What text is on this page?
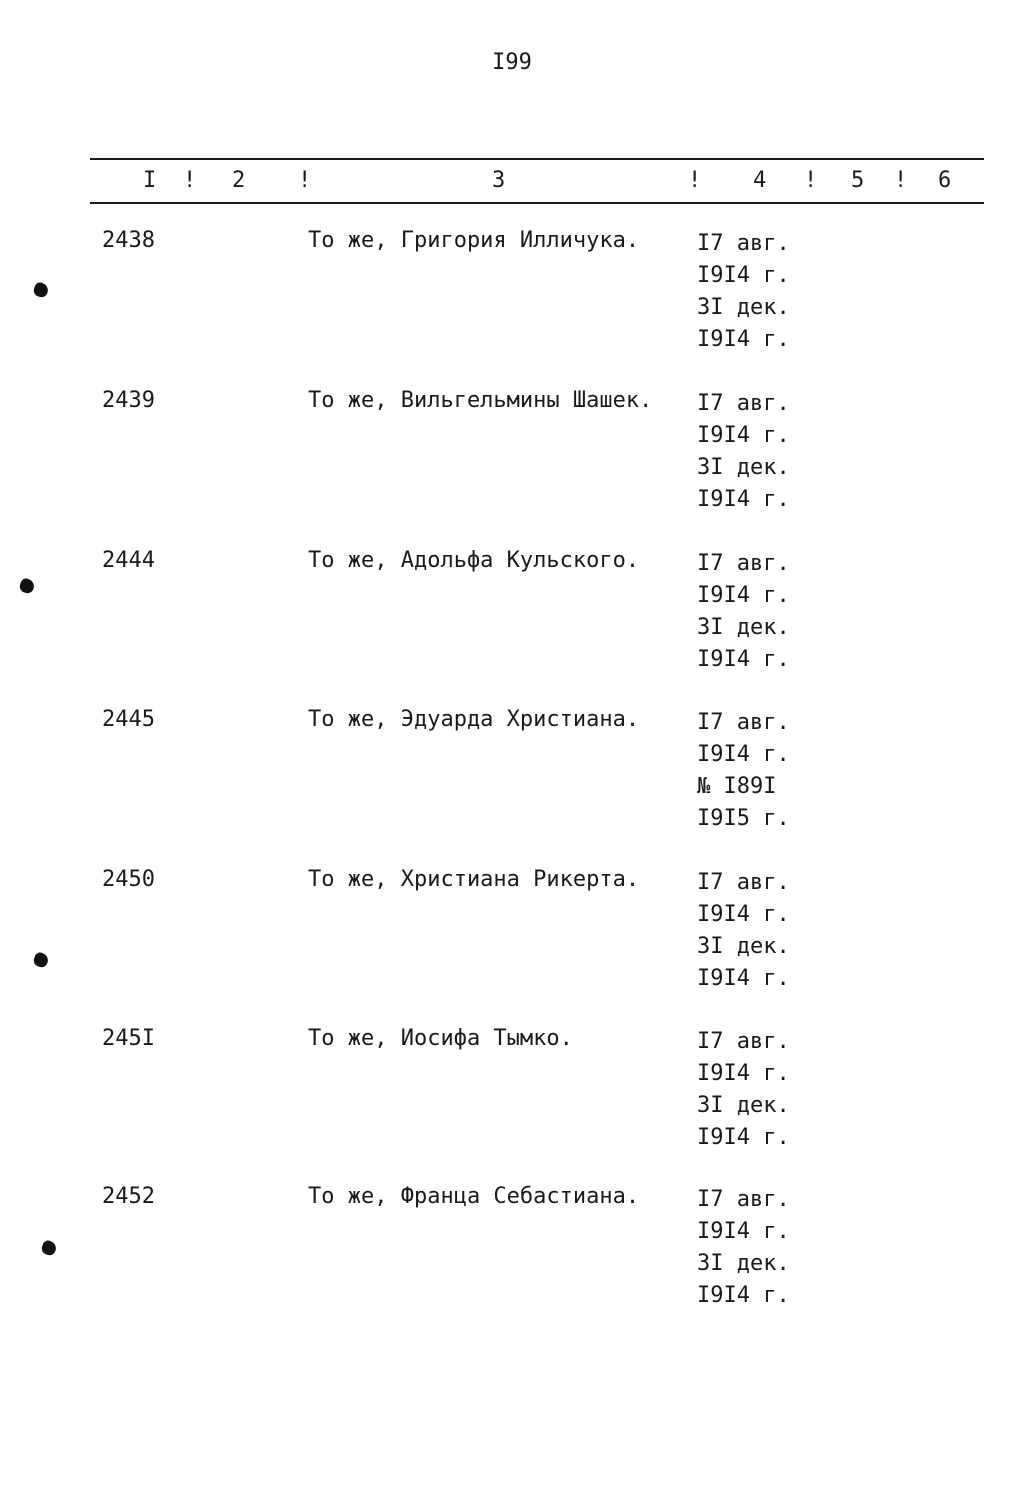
I99
I ! 2 !	3	! 4 ! 5 ! 6
2438	То же, Григория Илличука.	I7 авг.
I9I4 г.
3I дек.
I9I4 г.
2439	То же, Вильгельмины Шашек. I7 авг.
I9I4 г.
3I дек.
I9I4 г.
2444	То же, Адольфа Кульского.	I7 авг.
I9I4 г.
3I дек.
I9I4 г.
2445	То же, Эдуарда Христиана.	I7 авг.
I9I4 г.
№ I89I
I9I5 г.
2450	То же, Христиана Рикерта.	I7 авг.
I9I4 г.
3I дек.
I9I4 г.
245I	То же, Иосифа Тымко.	I7 авг.
I9I4 г.
3I дек.
I9I4 г.
2452	То же, Франца Себастиана.	I7 авг.
I9I4 г.
3I дек.
I9I4 г.
